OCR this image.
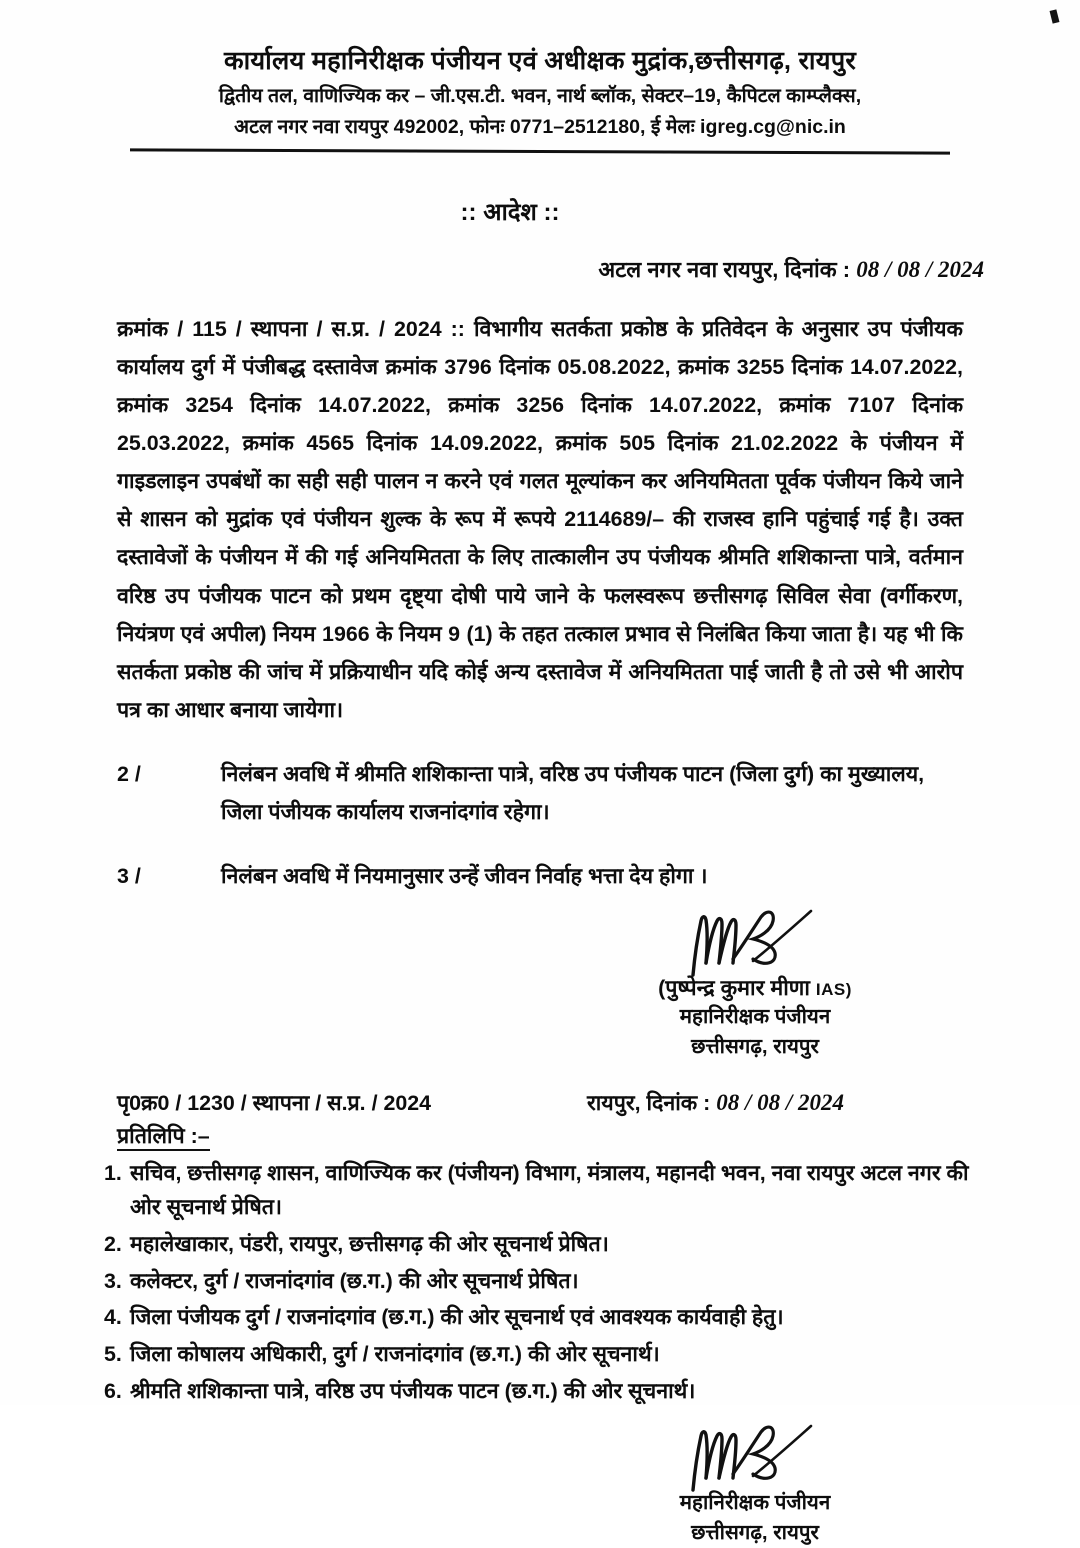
कार्यालय महानिरीक्षक पंजीयन एवं अधीक्षक मुद्रांक,छत्तीसगढ़, रायपुर
द्वितीय तल, वाणिज्यिक कर – जी.एस.टी. भवन, नार्थ ब्लॉक, सेक्टर–19, कैपिटल काम्प्लैक्स,
अटल नगर नवा रायपुर 492002, फोनः 0771–2512180, ई मेलः igreg.cg@nic.in
:: आदेश ::
अटल नगर नवा रायपुर, दिनांक : 08 / 08 / 2024
क्रमांक / 115 / स्थापना / स.प्र. / 2024 :: विभागीय सतर्कता प्रकोष्ठ के प्रतिवेदन के अनुसार उप पंजीयक कार्यालय दुर्ग में पंजीबद्ध दस्तावेज क्रमांक 3796 दिनांक 05.08.2022, क्रमांक 3255 दिनांक 14.07.2022, क्रमांक 3254 दिनांक 14.07.2022, क्रमांक 3256 दिनांक 14.07.2022, क्रमांक 7107 दिनांक 25.03.2022, क्रमांक 4565 दिनांक 14.09.2022, क्रमांक 505 दिनांक 21.02.2022 के पंजीयन में गाइडलाइन उपबंधों का सही सही पालन न करने एवं गलत मूल्यांकन कर अनियमितता पूर्वक पंजीयन किये जाने से शासन को मुद्रांक एवं पंजीयन शुल्क के रूप में रूपये 2114689/– की राजस्व हानि पहुंचाई गई है। उक्त दस्तावेजों के पंजीयन में की गई अनियमितता के लिए तात्कालीन उप पंजीयक श्रीमति शशिकान्ता पात्रे, वर्तमान वरिष्ठ उप पंजीयक पाटन को प्रथम दृष्ट्या दोषी पाये जाने के फलस्वरूप छत्तीसगढ़ सिविल सेवा (वर्गीकरण, नियंत्रण एवं अपील) नियम 1966 के नियम 9 (1) के तहत तत्काल प्रभाव से निलंबित किया जाता है। यह भी कि सतर्कता प्रकोष्ठ की जांच में प्रक्रियाधीन यदि कोई अन्य दस्तावेज में अनियमितता पाई जाती है तो उसे भी आरोप पत्र का आधार बनाया जायेगा।
2 /	निलंबन अवधि में श्रीमति शशिकान्ता पात्रे, वरिष्ठ उप पंजीयक पाटन (जिला दुर्ग) का मुख्यालय, जिला पंजीयक कार्यालय राजनांदगांव रहेगा।
3 /	निलंबन अवधि में नियमानुसार उन्हें जीवन निर्वाह भत्ता देय होगा ।
(पुष्पेन्द्र कुमार मीणा IAS)
महानिरीक्षक पंजीयन
छत्तीसगढ़, रायपुर
पृ0क्र0 / 1230 / स्थापना / स.प्र. / 2024	रायपुर, दिनांक : 08 / 08 / 2024
प्रतिलिपि :–
1. सचिव, छत्तीसगढ़ शासन, वाणिज्यिक कर (पंजीयन) विभाग, मंत्रालय, महानदी भवन, नवा रायपुर अटल नगर की ओर सूचनार्थ प्रेषित।
2. महालेखाकार, पंडरी, रायपुर, छत्तीसगढ़ की ओर सूचनार्थ प्रेषित।
3. कलेक्टर, दुर्ग / राजनांदगांव (छ.ग.) की ओर सूचनार्थ प्रेषित।
4. जिला पंजीयक दुर्ग / राजनांदगांव (छ.ग.) की ओर सूचनार्थ एवं आवश्यक कार्यवाही हेतु।
5. जिला कोषालय अधिकारी, दुर्ग / राजनांदगांव (छ.ग.) की ओर सूचनार्थ।
6. श्रीमति शशिकान्ता पात्रे, वरिष्ठ उप पंजीयक पाटन (छ.ग.) की ओर सूचनार्थ।
महानिरीक्षक पंजीयन
छत्तीसगढ़, रायपुर
